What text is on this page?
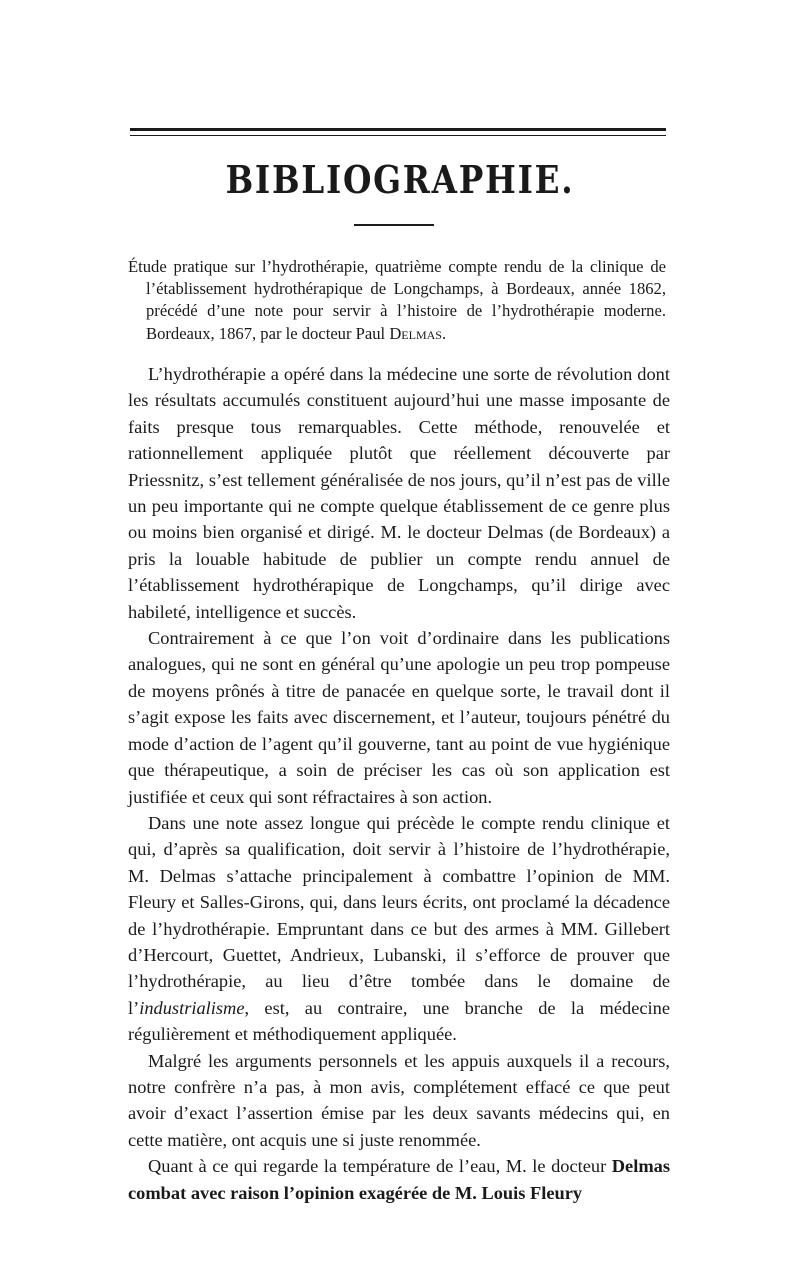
BIBLIOGRAPHIE.
Étude pratique sur l’hydrothérapie, quatrième compte rendu de la clinique de l’établissement hydrothérapique de Longchamps, à Bordeaux, année 1862, précédé d’une note pour servir à l’histoire de l’hydrothérapie moderne. Bordeaux, 1867, par le docteur Paul Delmas.

L’hydrothérapie a opéré dans la médecine une sorte de révolution dont les résultats accumulés constituent aujourd’hui une masse imposante de faits presque tous remarquables. Cette méthode, renouvelée et rationnellement appliquée plutôt que réellement découverte par Priessnitz, s’est tellement généralisée de nos jours, qu’il n’est pas de ville un peu importante qui ne compte quelque établissement de ce genre plus ou moins bien organisé et dirigé. M. le docteur Delmas (de Bordeaux) a pris la louable habitude de publier un compte rendu annuel de l’établissement hydrothérapique de Longchamps, qu’il dirige avec habileté, intelligence et succès.

Contrairement à ce que l’on voit d’ordinaire dans les publications analogues, qui ne sont en général qu’une apologie un peu trop pompeuse de moyens prônés à titre de panacée en quelque sorte, le travail dont il s’agit expose les faits avec discernement, et l’auteur, toujours pénétré du mode d’action de l’agent qu’il gouverne, tant au point de vue hygiénique que thérapeutique, a soin de préciser les cas où son application est justifiée et ceux qui sont réfractaires à son action.

Dans une note assez longue qui précède le compte rendu clinique et qui, d’après sa qualification, doit servir à l’histoire de l’hydrothérapie, M. Delmas s’attache principalement à combattre l’opinion de MM. Fleury et Salles-Girons, qui, dans leurs écrits, ont proclamé la décadence de l’hydrothérapie. Empruntant dans ce but des armes à MM. Gillebert d’Hercourt, Guettet, Andrieux, Lubanski, il s’efforce de prouver que l’hydrothérapie, au lieu d’être tombée dans le domaine de l’industrialisme, est, au contraire, une branche de la médecine régulièrement et méthodiquement appliquée.

Malgré les arguments personnels et les appuis auxquels il a recours, notre confrère n’a pas, à mon avis, complétement effacé ce que peut avoir d’exact l’assertion émise par les deux savants médecins qui, en cette matière, ont acquis une si juste renommée.

Quant à ce qui regarde la température de l’eau, M. le docteur Delmas combat avec raison l’opinion exagérée de M. Louis Fleury
